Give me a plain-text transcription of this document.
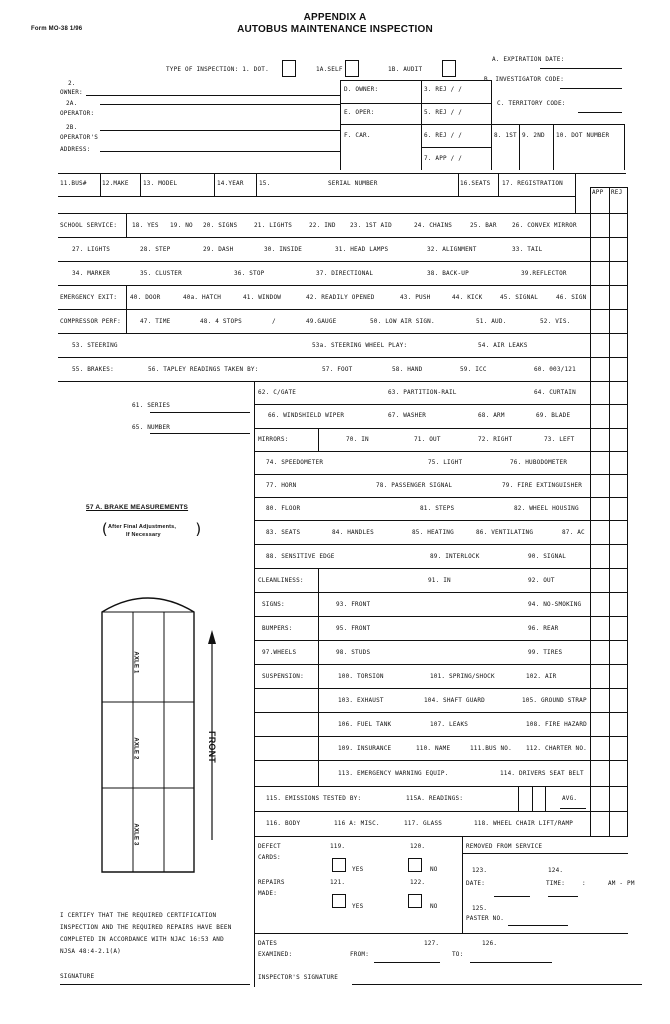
Form MO-38 1/96
APPENDIX A
AUTOBUS MAINTENANCE INSPECTION
TYPE OF INSPECTION: 1. DOT.	1A.SELF	1B. AUDIT
A. EXPIRATION DATE:
B. INVESTIGATOR CODE:
C. TERRITORY CODE:
2.
OWNER:
2A.
OPERATOR:
2B.
OPERATOR'S
ADDRESS:
D. OWNER:
E. OPER:
F. CAR.
3. REJ / /
5. REJ / /
6. REJ / /
7. APP / /
8. 1ST 9. 2ND 10. DOT NUMBER
11.BUS#	12.MAKE 13. MODEL	14.YEAR	15.	SERIAL NUMBER	16.SEATS 17. REGISTRATION
APP REJ
SCHOOL SERVICE: 18. YES 19. NO 20. SIGNS	21. LIGHTS	22. IND 23. 1ST AID	24. CHAINS	25. BAR	26. CONVEX MIRROR
27. LIGHTS	28. STEP	29. DASH	30. INSIDE	31. HEAD LAMPS	32. ALIGNMENT	33. TAIL
34. MARKER	35. CLUSTER	36. STOP	37. DIRECTIONAL	38. BACK-UP	39.REFLECTOR
EMERGENCY EXIT: 40. DOOR	40a. HATCH	41. WINDOW	42. READILY OPENED	43. PUSH	44. KICK	45. SIGNAL	46. SIGN
COMPRESSOR PERF:	47. TIME	48. 4 STOPS	/	49.GAUGE	50. LOW AIR SIGN.	51. AUD.	52. VIS.
53. STEERING	53a. STEERING WHEEL PLAY:	54. AIR LEAKS
55. BRAKES:	56. TAPLEY READINGS TAKEN BY:	57. FOOT	58. HAND	59. ICC	60. 003/121
61. SERIES
65. NUMBER
62. C/GATE	63. PARTITION-RAIL	64. CURTAIN
66. WINDSHIELD WIPER	67. WASHER	68. ARM	69. BLADE
MIRRORS:	70. IN	71. OUT	72. RIGHT	73. LEFT
74. SPEEDOMETER	75. LIGHT	76. HUBODOMETER
77. HORN	78. PASSENGER SIGNAL	79. FIRE EXTINGUISHER
80. FLOOR	81. STEPS	82. WHEEL HOUSING
83. SEATS	84. HANDLES	85. HEATING	86. VENTILATING	87. AC
88. SENSITIVE EDGE	89. INTERLOCK	90. SIGNAL
CLEANLINESS:	91. IN	92. OUT
SIGNS:	93. FRONT	94. NO-SMOKING
BUMPERS:	95. FRONT	96. REAR
97.WHEELS	98. STUDS	99. TIRES
SUSPENSION:	100. TORSION	101. SPRING/SHOCK	102. AIR
103. EXHAUST	104. SHAFT GUARD	105. GROUND STRAP
106. FUEL TANK	107. LEAKS	108. FIRE HAZARD
109. INSURANCE	110. NAME	111.BUS NO. 112. CHARTER NO.
113. EMERGENCY WARNING EQUIP.	114. DRIVERS SEAT BELT
115. EMISSIONS TESTED BY:	115A. READINGS:	AVG.
116. BODY	116 A: MISC.	117. GLASS	118. WHEEL CHAIR LIFT/RAMP
57 A. BRAKE MEASUREMENTS
(	)
After Final Adjustments,
If Necessary
AXLE 1
AXLE 2
AXLE 3
FRONT
DEFECT
CARDS:
119.	120.
YES	NO
REPAIRS
MADE:
121.	122.
YES	NO
REMOVED FROM SERVICE
123.	124.
DATE:	TIME:	:	AM - PM
125.
PASTER NO.
DATES
EXAMINED:	FROM:	TO:
127.	126.
INSPECTOR'S SIGNATURE
I CERTIFY THAT THE REQUIRED CERTIFICATION
INSPECTION AND THE REQUIRED REPAIRS HAVE BEEN
COMPLETED IN ACCORDANCE WITH NJAC 16:53 AND
NJSA 48:4-2.1(A)
SIGNATURE
